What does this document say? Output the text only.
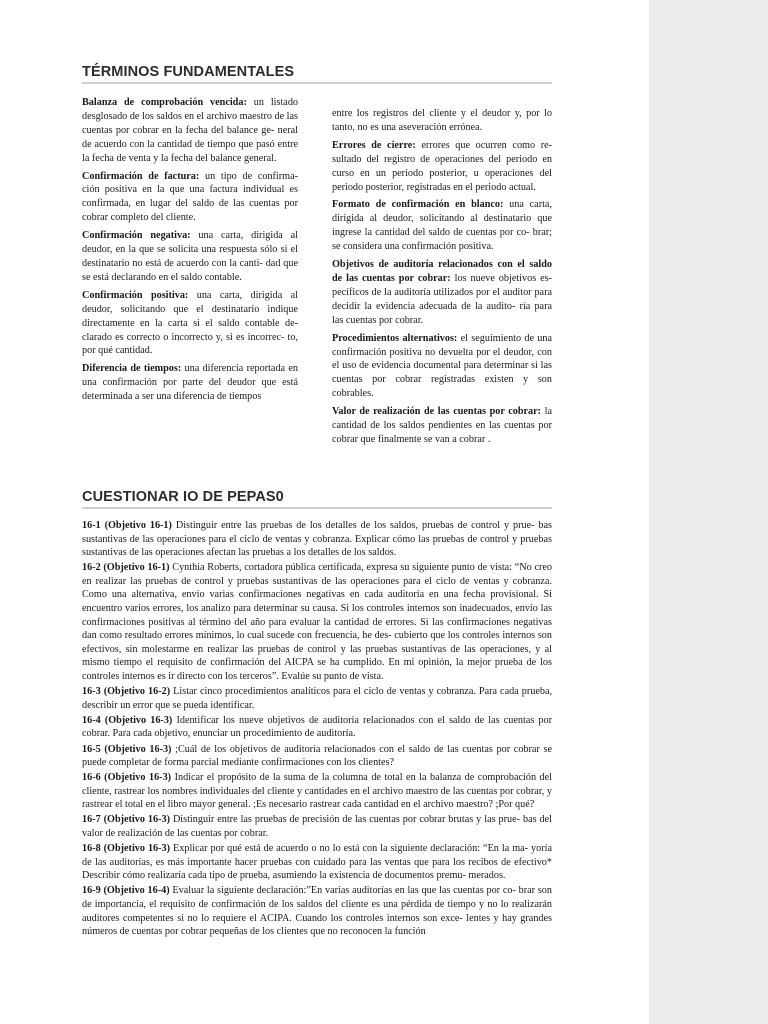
TÉRMINOS FUNDAMENTALES

Balanza de comprobación vencida: un listado desglosado de los saldos en el archivo maestro de las cuentas por cobrar en la fecha del balance ge- neral de acuerdo con la cantidad de tiempo que pasó entre la fecha de venta y la fecha del balance general.

Confirmación de factura: un tipo de confirma- ción positiva en la que una factura individual es confirmada, en lugar del saldo de las cuentas por cobrar completo del cliente.

Confirmación negativa: una carta, dirigida al deudor, en la que se solicita una respuesta sólo si el destinatario no está de acuerdo con la canti- dad que se está declarando en el saldo contable.

Confirmación positiva: una carta, dirigida al deudor, solicitando que el destinatario indique directamente en la carta si el saldo contable de- clarado es correcto o incorrecto y, si es incorrec- to, por qué cantidad.

Diferencia de tiempos: una diferencia reportada en una confirmación por parte del deudor que está determinada a ser una diferencia de tiempos

entre los registros del cliente y el deudor y, por lo tanto, no es una aseveración errónea.

Errores de cierre: errores que ocurren como re- sultado del registro de operaciones del periodo en curso en un periodo posterior, u operaciones del periodo posterior, registradas en el periodo actual.

Formato de confirmación en blanco: una carta, dirigida al deudor, solicitando al destinatario que ingrese la cantidad del saldo de cuentas por co- brar; se considera una confirmación positiva.

Objetivos de auditoría relacionados con el saldo de las cuentas por cobrar: los nueve objetivos es- pecíficos de la auditoría utilizados por el auditor para decidir la evidencia adecuada de la audito- ría para las cuentas por cobrar.

Procedimientos alternativos: el seguimiento de una confirmación positiva no devuelta por el deudor, con el uso de evidencia documental para determinar si las cuentas por cobrar registradas existen y son cobrables.

Valor de realización de las cuentas por cobrar: la cantidad de los saldos pendientes en las cuentas por cobrar que finalmente se van a cobrar .

CUESTIONAR IO DE PEPAS0

16-1 (Objetivo 16-1) Distinguir entre las pruebas de los detalles de los saldos, pruebas de control y prue- bas sustantivas de las operaciones para el ciclo de ventas y cobranza. Explicar cómo las pruebas de control y pruebas sustantivas de las operaciones afectan las pruebas a los detalles de los saldos.

16-2 (Objetivo 16-1) Cynthia Roberts, cortadora pública certificada, expresa su siguiente punto de vista: “No creo en realizar las pruebas de control y pruebas sustantivas de las operaciones para el ciclo de ventas y cobranza. Como una alternativa, envío varias confirmaciones negativas en cada auditoría en una fecha provisional. Si encuentro varios errores, los analizo para determinar su causa. Si los controles internos son inadecuados, envío las confirmaciones positivas al término del año para evaluar la cantidad de errores. Si las confirmaciones negativas dan como resultado errores mínimos, lo cual sucede con frecuencia, he des- cubierto que los controles internos son efectivos, sin molestarme en realizar las pruebas de control y las pruebas sustantivas de las operaciones, y al mismo tiempo el requisito de confirmación del AICPA se ha cumplido. En mi opinión, la mejor prueba de los controles internos es ir directo con los terceros”. Evalúe su punto de vista.

16-3 (Objetivo 16-2) Listar cinco procedimientos analíticos para el ciclo de ventas y cobranza. Para cada prueba, describir un error que se pueda identificar.

16-4 (Objetivo 16-3) Identificar los nueve objetivos de auditoría relacionados con el saldo de las cuentas por cobrar. Para cada objetivo, enunciar un procedimiento de auditoría.

16-5 (Objetivo 16-3) ;Cuál de los objetivos de auditoría relacionados con el saldo de las cuentas por cobrar se puede completar de forma parcial mediante confirmaciones con los clientes?

16-6 (Objetivo 16-3) Indicar el propósito de la suma de la columna de total en la balanza de comprobación del cliente, rastrear los nombres individuales del cliente y cantidades en el archivo maestro de las cuentas por cobrar, y rastrear el total en el libro mayor general. ;Es necesario rastrear cada cantidad en el archivo maestro? ;Por qué?

16-7 (Objetivo 16-3) Distinguir entre las pruebas de precisión de las cuentas por cobrar brutas y las prue- bas del valor de realización de las cuentas por cobrar.

16-8 (Objetivo 16-3) Explicar por qué está de acuerdo o no lo está con la siguiente declaración: “En la ma- yoría de las auditorías, es más importante hacer pruebas con cuidado para las ventas que para los recibos de efectivo* Describir cómo realizaría cada tipo de prueba, asumiendo la existencia de documentos premu- merados.

16-9 (Objetivo 16-4) Evaluar la siguiente declaración:”En varias auditorías en las que las cuentas por co- brar son de importancia, el requisito de confirmación de los saldos del cliente es una pérdida de tiempo y no lo realizarán auditores competentes si no lo requiere el ACIPA. Cuando los controles internos son exce- lentes y hay grandes números de cuentas por cobrar pequeñas de los clientes que no reconocen la función
